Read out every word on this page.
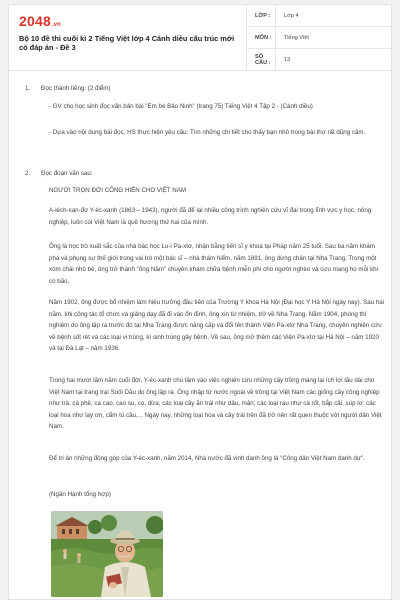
2048 .vn
Bộ 10 đề thi cuối kì 2 Tiếng Việt lớp 4 Cánh diều cấu trúc mới có đáp án - Đề 3
LỚP :	Lớp 4
MÔN :	Tiếng Việt
SỐ CÂU :	13
1. Đọc thành tiếng: (2 điểm)
- GV cho học sinh đọc văn bản bài "Em bé Bảo Ninh" (trang 75) Tiếng Việt 4 Tập 2 - (Cánh diều)
- Dựa vào nội dung bài đọc, HS thực hiện yêu cầu: Tìm những chi tiết cho thấy bạn nhỏ trong bài thơ rất dũng cảm.
2. Đọc đoạn văn sau:
NGƯỜI TRỌN ĐỜI CỐNG HIẾN CHO VIỆT NAM
A-léch-xan-đơ Y-éc-xanh (1863 – 1943), người đã để lại nhiều công trình nghiên cứu vĩ đại trong lĩnh vực y học, nông nghiệp, luôn coi Việt Nam là quê hương thứ hai của mình.
Ông là học trò xuất sắc của nhà bác học Lu-i Pa-xtơ, nhận bằng tiến sĩ y khoa tại Pháp năm 25 tuổi. Sau ba năm khám phá và phụng sự thế giới trong vai trò một bác sĩ – nhà thám hiểm, năm 1891, ông dừng chân tại Nha Trang. Trong một xóm chài nhỏ bé, ông trở thành "ông Năm" chuyên khám chữa bệnh miễn phí cho người nghèo và cưu mang họ mỗi khi có bão.
Năm 1902, ông được bổ nhiệm làm hiệu trưởng đầu tiên của Trường Y khoa Hà Nội (Đại học Y Hà Nội ngày nay). Sau hai năm, khi công tác tổ chức và giảng dạy đã đi vào ổn định, ông xin từ nhiệm, trở về Nha Trang. Năm 1904, phòng thí nghiệm do ông lập ra trước đó tại Nha Trang được nâng cấp và đổi tên thành Viện Pa-xtơ Nha Trang, chuyên nghiên cứu về bệnh sốt rét và các loại vi trùng, kí sinh trùng gây bệnh. Về sau, ông mở thêm các Viện Pa-xtơ tại Hà Nội – năm 1920 và tại Đà Lạt – năm 1936.
Trong hai mươi lăm năm cuối đời, Y-éc-xanh chú tâm vào việc nghiên cứu những cây trồng mang lại ích lợi lâu dài cho Việt Nam tại trang trại Suối Dầu do ông lập ra. Ông nhập từ nước ngoài về trồng tại Việt Nam các giống cây công nghiệp như trà, cà phê, ca cao, cao su, cọ, dừa; các loại cây ăn trái như dâu, mận; các loại rau như cà rốt, bắp cải, súp lơ; các loại hoa như lay ơn, cẩm tú cầu,... Ngày nay, những loại hoa và cây trái trên đã trở nên rất quen thuộc với người dân Việt Nam.
Để tri ân những đóng góp của Y-éc-xanh, năm 2014, Nhà nước đã vinh danh ông là "Công dân Việt Nam danh dự".
(Ngân Hạnh tổng hợp)
